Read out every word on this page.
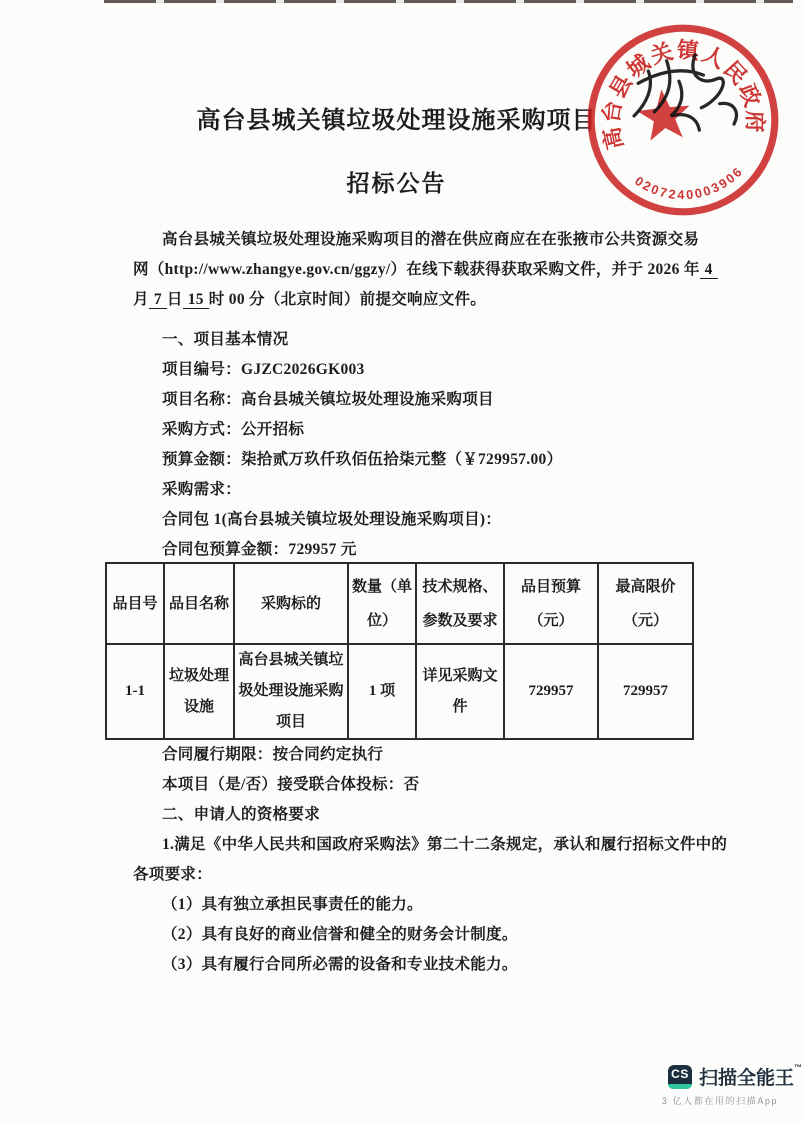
高台县城关镇垃圾处理设施采购项目
招标公告
高台县城关镇人民政府
0207240003906
高台县城关镇垃圾处理设施采购项目的潜在供应商应在在张掖市公共资源交易
网（http://www.zhangye.gov.cn/ggzy/）在线下载获得获取采购文件，并于 2026 年 4
月 7 日 15 时 00 分（北京时间）前提交响应文件。
一、项目基本情况
项目编号：GJZC2026GK003
项目名称：高台县城关镇垃圾处理设施采购项目
采购方式：公开招标
预算金额：柒拾贰万玖仟玖佰伍拾柒元整（￥729957.00）
采购需求：
合同包 1(高台县城关镇垃圾处理设施采购项目)：
合同包预算金额：729957 元
品目号	品目名称	采购标的	数量（单位）	技术规格、参数及要求	品目预算（元）	最高限价（元）
1-1	垃圾处理设施	高台县城关镇垃圾处理设施采购项目	1 项	详见采购文件	729957	729957
合同履行期限：按合同约定执行
本项目（是/否）接受联合体投标：否
二、申请人的资格要求
1.满足《中华人民共和国政府采购法》第二十二条规定，承认和履行招标文件中的
各项要求：
（1）具有独立承担民事责任的能力。
（2）具有良好的商业信誉和健全的财务会计制度。
（3）具有履行合同所必需的设备和专业技术能力。
CS 扫描全能王™
3 亿人都在用的扫描App
